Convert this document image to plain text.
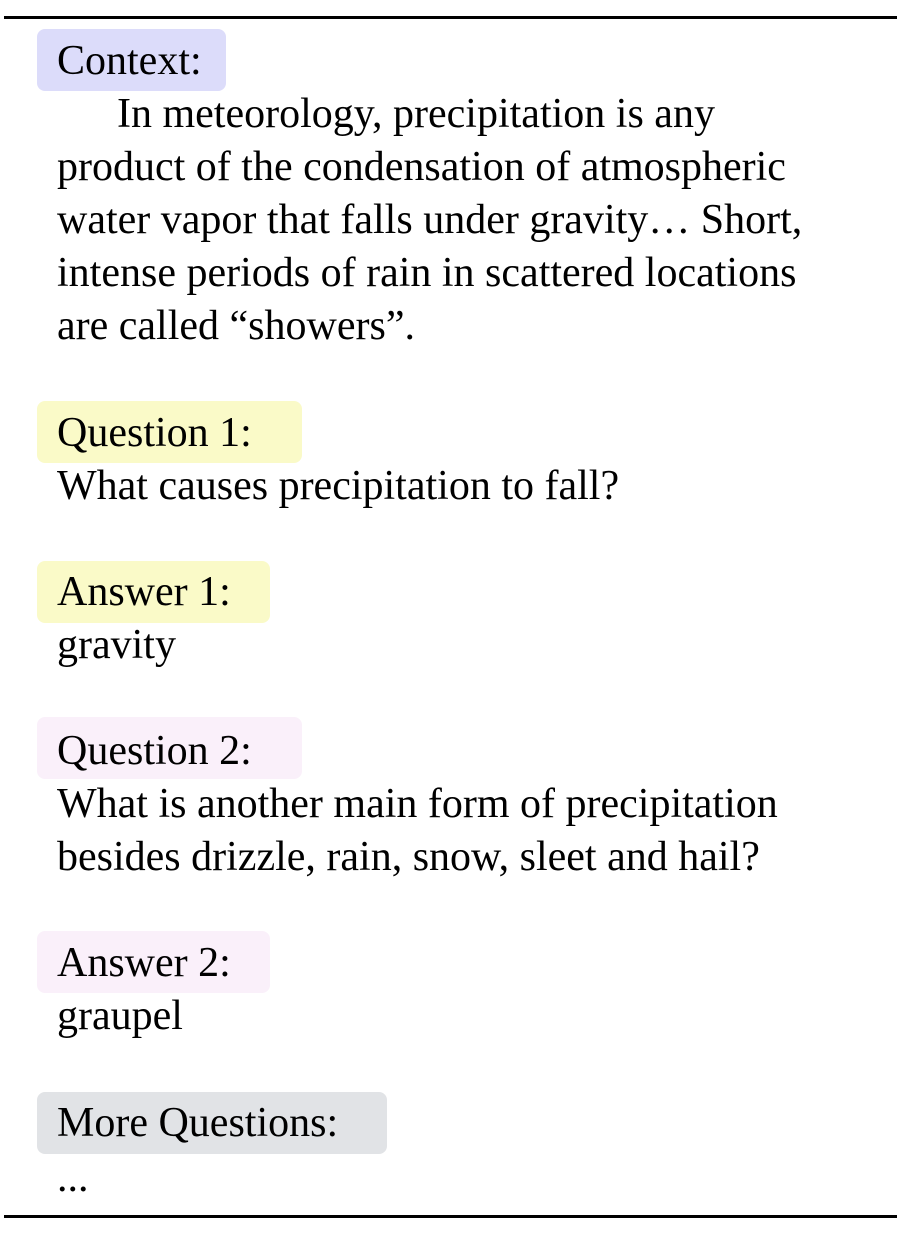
Context:
In meteorology, precipitation is any
product of the condensation of atmospheric
water vapor that falls under gravity… Short,
intense periods of rain in scattered locations
are called “showers”.
Question 1:
What causes precipitation to fall?
Answer 1:
gravity
Question 2:
What is another main form of precipitation
besides drizzle, rain, snow, sleet and hail?
Answer 2:
graupel
More Questions:
...
